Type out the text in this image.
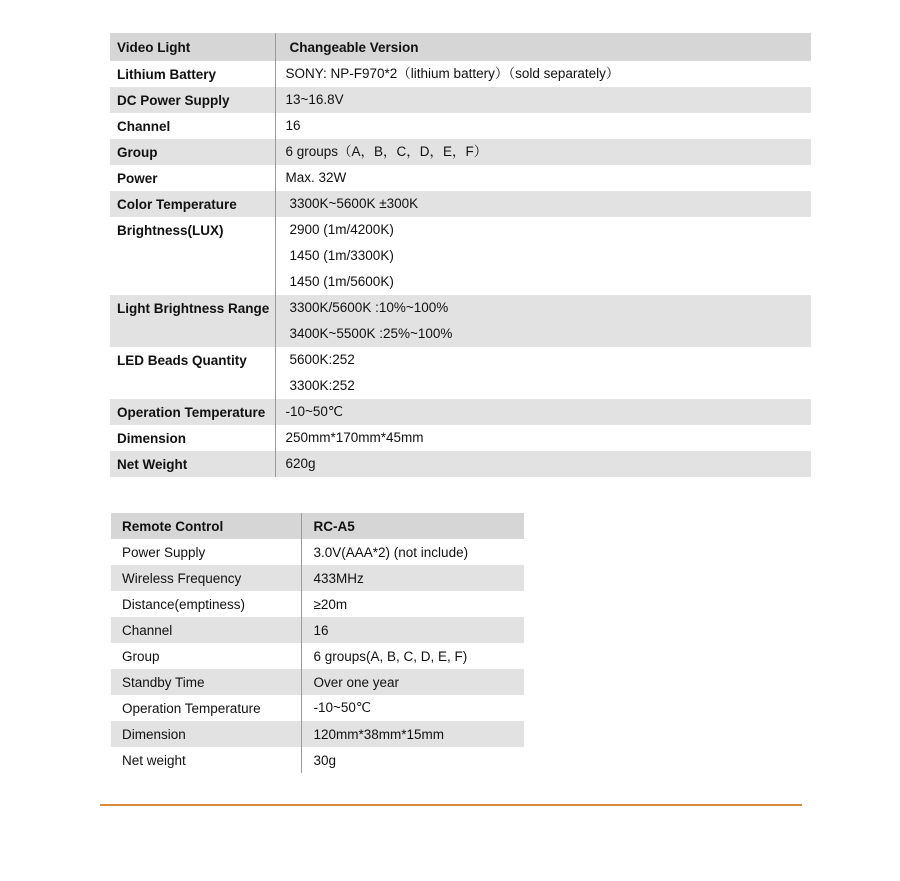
Video Light	Changeable Version
Lithium Battery	SONY: NP-F970*2（lithium battery）（sold separately）

DC Power Supply	13~16.8V

Channel	16

Group	6 groups（A，B，C，D，E，F）

Power	Max. 32W

Color Temperature	3300K~5600K ±300K

Brightness(LUX)	2900 (1m/4200K)
1450 (1m/3300K)
1450 (1m/5600K)

Light Brightness Range	3300K/5600K :10%~100%
3400K~5500K :25%~100%

LED Beads Quantity	5600K:252
3300K:252

Operation Temperature	-10~50℃

Dimension	250mm*170mm*45mm

Net Weight	620g
Remote Control	RC-A5
Power Supply	3.0V(AAA*2) (not include)
Wireless Frequency	433MHz
Distance(emptiness)	≥20m
Channel	16
Group	6 groups(A, B, C, D, E, F)
Standby Time	Over one year
Operation Temperature	-10~50℃
Dimension	120mm*38mm*15mm
Net weight	30g
